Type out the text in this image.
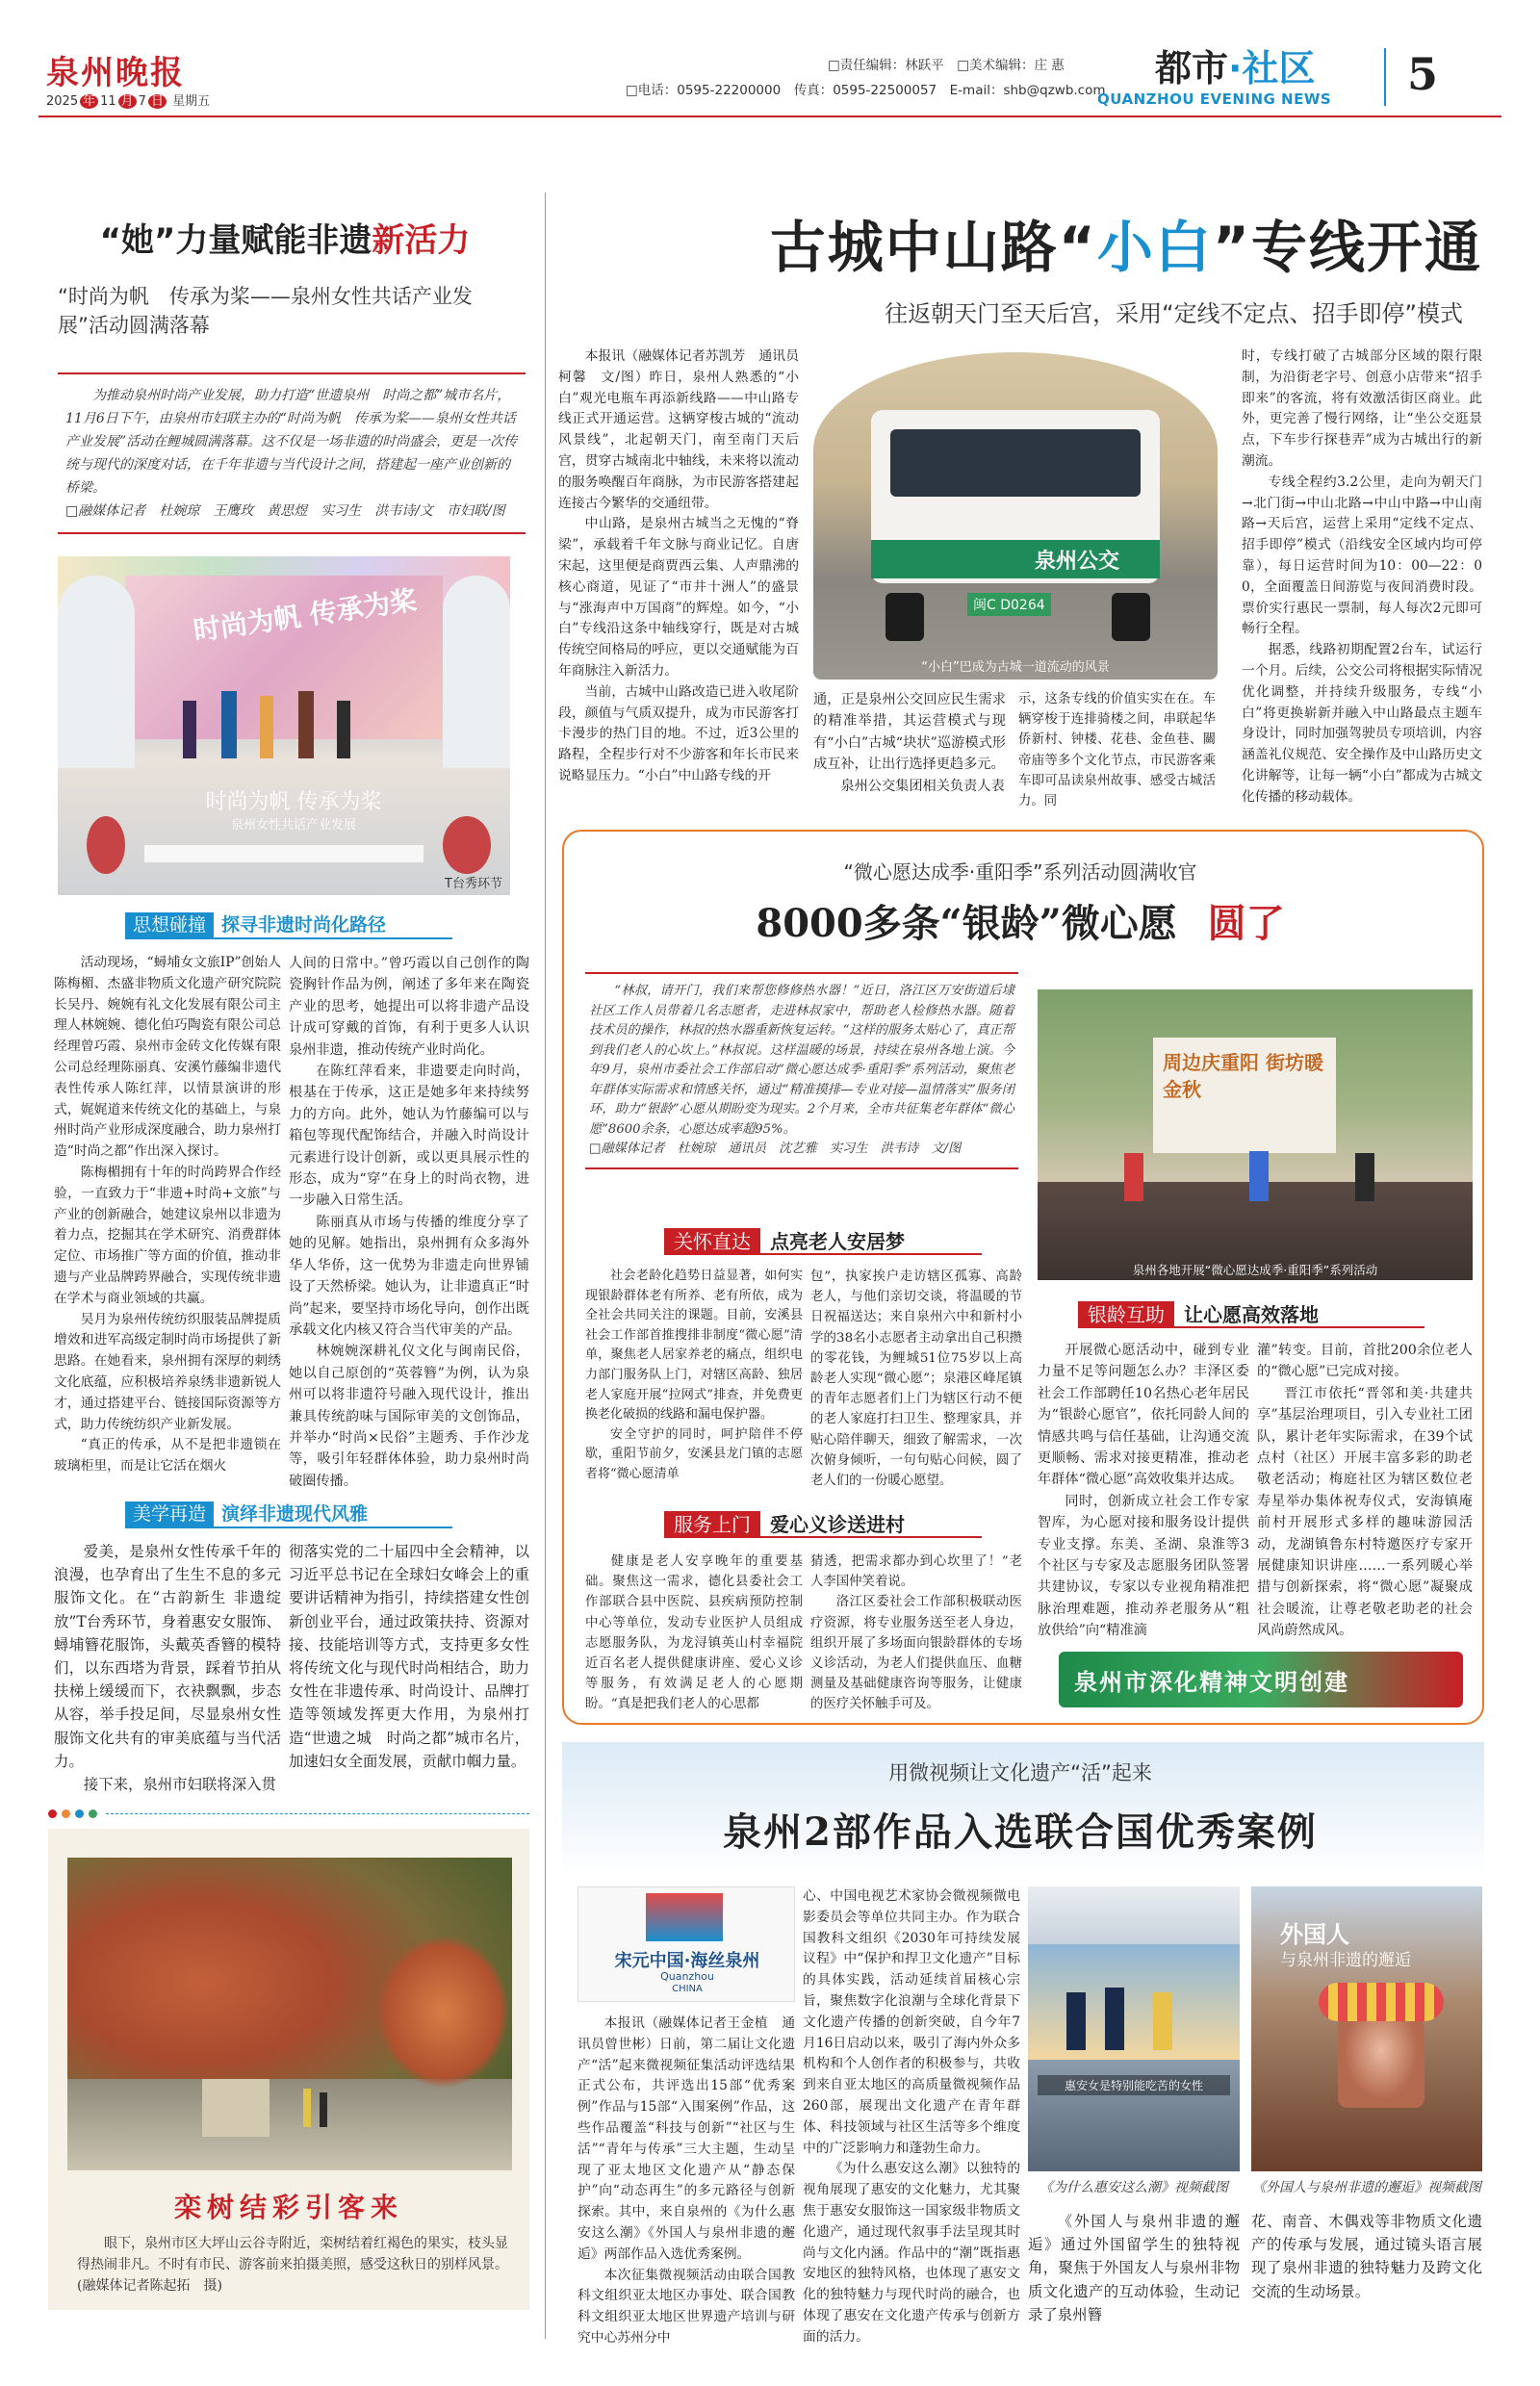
泉州晚报
2025 年 11 月 7 日 星期五
□责任编辑：林跃平　□美术编辑：庄 惠
□电话：0595-22200000　传真：0595-22500057　E-mail：shb@qzwb.com
都市·社区
QUANZHOU EVENING NEWS 5
“她”力量赋能非遗新活力
“时尚为帆　传承为桨——泉州女性共话产业发展”活动圆满落幕

为推动泉州时尚产业发展，助力打造“世遗泉州　时尚之都”城市名片，11月6日下午，由泉州市妇联主办的“时尚为帆　传承为桨——泉州女性共话产业发展”活动在鲤城圆满落幕。这不仅是一场非遗的时尚盛会，更是一次传统与现代的深度对话，在千年非遗与当代设计之间，搭建起一座产业创新的桥梁。

□融媒体记者　杜婉琼　王鹰玫　黄思煜　实习生　洪韦诗/文　市妇联/图

时尚为帆 传承为桨
时尚为帆 传承为桨
泉州女性共话产业发展
T台秀环节
思想碰撞 探寻非遗时尚化路径

活动现场，“蟳埔女文旅IP”创始人陈梅楣、杰盛非物质文化遗产研究院院长吴丹、婉婉有礼文化发展有限公司主理人林婉婉、德化伯巧陶瓷有限公司总经理曾巧霞、泉州市金砖文化传媒有限公司总经理陈丽真、安溪竹藤编非遗代表性传承人陈红萍，以情景演讲的形式，娓娓道来传统文化的基础上，与泉州时尚产业形成深度融合，助力泉州打造“时尚之都”作出深入探讨。

陈梅楣拥有十年的时尚跨界合作经验，一直致力于“非遗+时尚+文旅”与产业的创新融合，她建议泉州以非遗为着力点，挖掘其在学术研究、消费群体定位、市场推广等方面的价值，推动非遗与产业品牌跨界融合，实现传统非遗在学术与商业领域的共赢。

吴月为泉州传统纺织服装品牌提质增效和进军高级定制时尚市场提供了新思路。在她看来，泉州拥有深厚的刺绣文化底蕴，应积极培养泉绣非遗新锐人才，通过搭建平台、链接国际资源等方式，助力传统纺织产业新发展。

“真正的传承，从不是把非遗锁在玻璃柜里，而是让它活在烟火

人间的日常中。”曾巧霞以自己创作的陶瓷胸针作品为例，阐述了多年来在陶瓷产业的思考，她提出可以将非遗产品设计成可穿戴的首饰，有利于更多人认识泉州非遗，推动传统产业时尚化。

在陈红萍看来，非遗要走向时尚，根基在于传承，这正是她多年来持续努力的方向。此外，她认为竹藤编可以与箱包等现代配饰结合，并融入时尚设计元素进行设计创新，或以更具展示性的形态，成为“穿”在身上的时尚衣物，进一步融入日常生活。

陈丽真从市场与传播的维度分享了她的见解。她指出，泉州拥有众多海外华人华侨，这一优势为非遗走向世界铺设了天然桥梁。她认为，让非遗真正“时尚”起来，要坚持市场化导向，创作出既承载文化内核又符合当代审美的产品。

林婉婉深耕礼仪文化与闽南民俗，她以自己原创的“英蓉簪”为例，认为泉州可以将非遗符号融入现代设计，推出兼具传统韵味与国际审美的文创饰品，并举办“时尚×民俗”主题秀、手作沙龙等，吸引年轻群体体验，助力泉州时尚破圈传播。

美学再造 演绎非遗现代风雅

爱美，是泉州女性传承千年的浪漫，也孕育出了生生不息的多元服饰文化。在“古韵新生 非遗绽放”T台秀环节，身着惠安女服饰、蟳埔簪花服饰，头戴英香簪的模特们，以东西塔为背景，踩着节拍从扶梯上缓缓而下，衣袂飘飘，步态从容，举手投足间，尽显泉州女性服饰文化共有的审美底蕴与当代活力。

接下来，泉州市妇联将深入贯

彻落实党的二十届四中全会精神，以习近平总书记在全球妇女峰会上的重要讲话精神为指引，持续搭建女性创新创业平台，通过政策扶持、资源对接、技能培训等方式，支持更多女性将传统文化与现代时尚相结合，助力女性在非遗传承、时尚设计、品牌打造等领域发挥更大作用，为泉州打造“世遗之城　时尚之都”城市名片，加速妇女全面发展，贡献巾帼力量。

栾树结彩引客来
眼下，泉州市区大坪山云谷寺附近，栾树结着红褐色的果实，枝头显得热闹非凡。不时有市民、游客前来拍摄美照，感受这秋日的别样风景。(融媒体记者陈起拓　摄)
古城中山路“小白”专线开通
往返朝天门至天后宫，采用“定线不定点、招手即停”模式

本报讯（融媒体记者苏凯芳　通讯员柯馨　文/图）昨日，泉州人熟悉的“小白”观光电瓶车再添新线路——中山路专线正式开通运营。这辆穿梭古城的“流动风景线”，北起朝天门，南至南门天后宫，贯穿古城南北中轴线，未来将以流动的服务唤醒百年商脉，为市民游客搭建起连接古今繁华的交通纽带。

中山路，是泉州古城当之无愧的“脊梁”，承载着千年文脉与商业记忆。自唐宋起，这里便是商贾西云集、人声鼎沸的核心商道，见证了“市井十洲人”的盛景与“涨海声中万国商”的辉煌。如今，“小白”专线沿这条中轴线穿行，既是对古城传统空间格局的呼应，更以交通赋能为百年商脉注入新活力。

当前，古城中山路改造已进入收尾阶段，颜值与气质双提升，成为市民游客打卡漫步的热门目的地。不过，近3公里的路程，全程步行对不少游客和年长市民来说略显压力。“小白”中山路专线的开

泉州公交
闽C D0264
“小白”巴成为古城一道流动的风景

通，正是泉州公交回应民生需求的精准举措，其运营模式与现有“小白”古城“块状”巡游模式形成互补，让出行选择更趋多元。

泉州公交集团相关负责人表

示，这条专线的价值实实在在。车辆穿梭于连排骑楼之间，串联起华侨新村、钟楼、花巷、金鱼巷、關帝庙等多个文化节点，市民游客乘车即可品读泉州故事、感受古城活力。同

时，专线打破了古城部分区域的限行限制，为沿街老字号、创意小店带来“招手即来”的客流，将有效激活街区商业。此外，更完善了慢行网络，让“坐公交逛景点，下车步行探巷弄”成为古城出行的新潮流。

专线全程约3.2公里，走向为朝天门→北门街→中山北路→中山中路→中山南路→天后宫，运营上采用“定线不定点、招手即停”模式（沿线安全区域内均可停靠），每日运营时间为10：00—22：00，全面覆盖日间游览与夜间消费时段。票价实行惠民一票制，每人每次2元即可畅行全程。

据悉，线路初期配置2台车，试运行一个月。后续，公交公司将根据实际情况优化调整，并持续升级服务，专线“小白”将更换崭新并融入中山路最点主题车身设计，同时加强驾驶员专项培训，内容涵盖礼仪规范、安全操作及中山路历史文化讲解等，让每一辆“小白”都成为古城文化传播的移动载体。

“微心愿达成季·重阳季”系列活动圆满收官
8000多条“银龄”微心愿 圆了

“林叔，请开门，我们来帮您修修热水器！”近日，洛江区万安街道后埭社区工作人员带着几名志愿者，走进林叔家中，帮助老人检修热水器。随着技术员的操作，林叔的热水器重新恢复运转。“这样的服务太贴心了，真正帮到我们老人的心坎上。”林叔说。这样温暖的场景，持续在泉州各地上演。今年9月，泉州市委社会工作部启动“微心愿达成季·重阳季”系列活动，聚焦老年群体实际需求和情感关怀，通过“精准摸排—专业对接—温情落实”服务闭环，助力“银龄”心愿从期盼变为现实。2个月来，全市共征集老年群体“微心愿”8600余条，心愿达成率超95%。

□融媒体记者　杜婉琼　通讯员　沈艺雅　实习生　洪韦诗　文/图

周边庆重阳 街坊暖金秋
泉州各地开展“微心愿达成季·重阳季”系列活动
关怀直达 点亮老人安居梦

社会老龄化趋势日益显著，如何实现银龄群体老有所养、老有所依，成为全社会共同关注的课题。目前，安溪县社会工作部首推搜排非制度“微心愿”清单，聚焦老人居家养老的痛点，组织电力部门服务队上门，对辖区高龄、独居老人家庭开展“拉网式”排查，并免费更换老化破损的线路和漏电保护器。

安全守护的同时，呵护陪伴不停歇，重阳节前夕，安溪县龙门镇的志愿者将“微心愿清单

包”，执家挨户走访辖区孤寡、高龄老人，与他们亲切交谈，将温暖的节日祝福送达；来自泉州六中和新村小学的38名小志愿者主动拿出自己积攒的零花钱，为鲤城51位75岁以上高龄老人实现“微心愿”；泉港区峰尾镇的青年志愿者们上门为辖区行动不便的老人家庭打扫卫生、整理家具，并贴心陪伴聊天，细致了解需求，一次次俯身倾听，一句句贴心问候，圆了老人们的一份暖心愿望。

服务上门 爱心义诊送进村

健康是老人安享晚年的重要基础。聚焦这一需求，德化县委社会工作部联合县中医院、县疾病预防控制中心等单位，发动专业医护人员组成志愿服务队，为龙浔镇英山村幸福院近百名老人提供健康讲座、爱心义诊等服务，有效满足老人的心愿期盼。“真是把我们老人的心思都

猜透，把需求都办到心坎里了！”老人李国仲笑着说。

洛江区委社会工作部积极联动医疗资源，将专业服务送至老人身边，组织开展了多场面向银龄群体的专场义诊活动，为老人们提供血压、血糖测量及基础健康咨询等服务，让健康的医疗关怀触手可及。

银龄互助 让心愿高效落地

开展微心愿活动中，碰到专业力量不足等问题怎么办？丰泽区委社会工作部聘任10名热心老年居民为“银龄心愿官”，依托同龄人间的情感共鸣与信任基础，让沟通交流更顺畅、需求对接更精准，推动老年群体“微心愿”高效收集并达成。

同时，创新成立社会工作专家智库，为心愿对接和服务设计提供专业支撑。东美、圣湖、泉淮等3个社区与专家及志愿服务团队签署共建协议，专家以专业视角精准把脉治理难题，推动养老服务从“粗放供给”向“精准滴

灌”转变。目前，首批200余位老人的“微心愿”已完成对接。

晋江市依托“晋邻和美·共建共享”基层治理项目，引入专业社工团队，累计老年实际需求，在39个试点村（社区）开展丰富多彩的助老敬老活动；梅庭社区为辖区数位老寿星举办集体祝寿仪式，安海镇庵前村开展形式多样的趣味游园活动，龙湖镇鲁东村特邀医疗专家开展健康知识讲座……一系列暖心举措与创新探索，将“微心愿”凝聚成社会暖流，让尊老敬老助老的社会风尚蔚然成风。

泉州市深化精神文明创建
用微视频让文化遗产“活”起来
泉州2部作品入选联合国优秀案例
宋元中国·海丝泉州
Quanzhou
CHINA

本报讯（融媒体记者王金植　通讯员曾世彬）日前，第二届让文化遗产“活”起来微视频征集活动评选结果正式公布，共评选出15部“优秀案例”作品与15部“入围案例”作品，这些作品覆盖“科技与创新”“社区与生活”“青年与传承”三大主题，生动呈现了亚太地区文化遗产从“静态保护”向“动态再生”的多元路径与创新探索。其中，来自泉州的《为什么惠安这么潮》《外国人与泉州非遗的邂逅》两部作品入选优秀案例。

本次征集微视频活动由联合国教科文组织亚太地区办事处、联合国教科文组织亚太地区世界遗产培训与研究中心苏州分中

心、中国电视艺术家协会微视频微电影委员会等单位共同主办。作为联合国教科文组织《2030年可持续发展议程》中“保护和捍卫文化遗产”目标的具体实践，活动延续首届核心宗旨，聚焦数字化浪潮与全球化背景下文化遗产传播的创新突破，自今年7月16日启动以来，吸引了海内外众多机构和个人创作者的积极参与，共收到来自亚太地区的高质量微视频作品260部，展现出文化遗产在青年群体、科技领域与社区生活等多个维度中的广泛影响力和蓬勃生命力。

《为什么惠安这么潮》以独特的视角展现了惠安的文化魅力，尤其聚焦于惠安女服饰这一国家级非物质文化遗产，通过现代叙事手法呈现其时尚与文化内涵。作品中的“潮”既指惠安地区的独特风格，也体现了惠安文化的独特魅力与现代时尚的融合，也体现了惠安在文化遗产传承与创新方面的活力。

惠安女是特别能吃苦的女性
《为什么惠安这么潮》视频截图
外国人
与泉州非遗的邂逅
《外国人与泉州非遗的邂逅》视频截图

《外国人与泉州非遗的邂逅》通过外国留学生的独特视角，聚焦于外国友人与泉州非物质文化遗产的互动体验，生动记录了泉州簪

花、南音、木偶戏等非物质文化遗产的传承与发展，通过镜头语言展现了泉州非遗的独特魅力及跨文化交流的生动场景。
